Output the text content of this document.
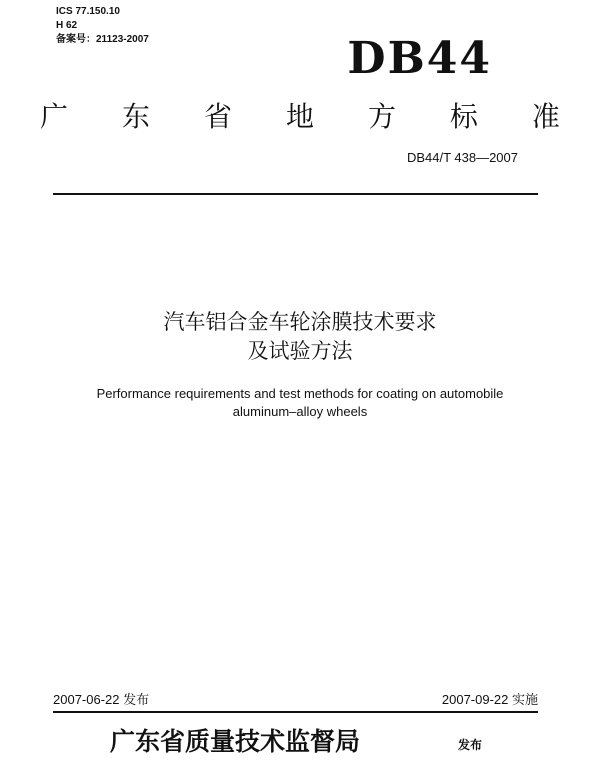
ICS 77.150.10
H 62
备案号：21123-2007	DB44
广 东 省 地 方 标 准
DB44/T 438—2007
汽车铝合金车轮涂膜技术要求
及试验方法
Performance requirements and test methods for coating on automobile
aluminum–alloy wheels
2007-06-22 发布	2007-09-22 实施
广东省质量技术监督局	发布
